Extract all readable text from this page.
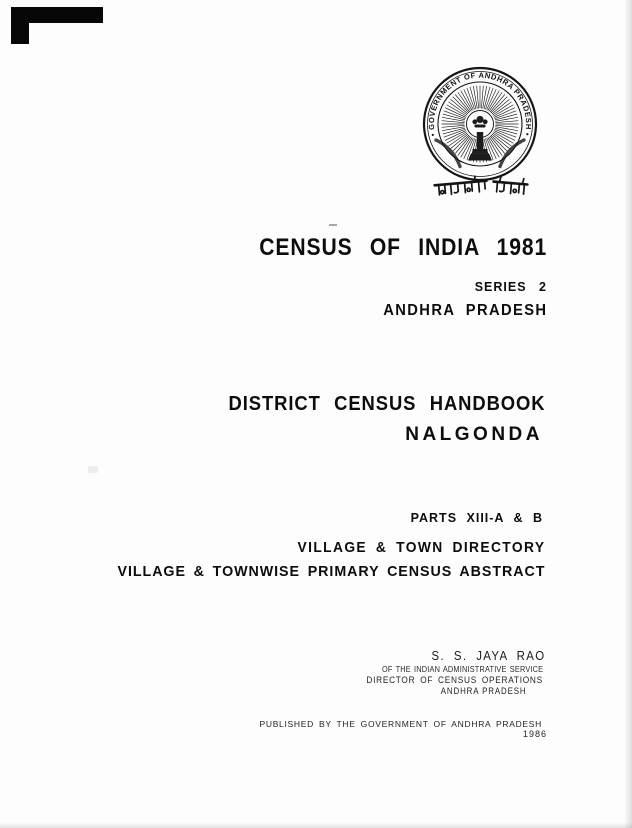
• GOVERNMENT OF ANDHRA PRADESH •
CENSUS OF INDIA 1981
SERIES 2
ANDHRA PRADESH
DISTRICT CENSUS HANDBOOK
NALGONDA
PARTS XIII-A & B
VILLAGE & TOWN DIRECTORY
VILLAGE & TOWNWISE PRIMARY CENSUS ABSTRACT
S. S. JAYA RAO
OF THE INDIAN ADMINISTRATIVE SERVICE
DIRECTOR OF CENSUS OPERATIONS
ANDHRA PRADESH
PUBLISHED BY THE GOVERNMENT OF ANDHRA PRADESH
1986
